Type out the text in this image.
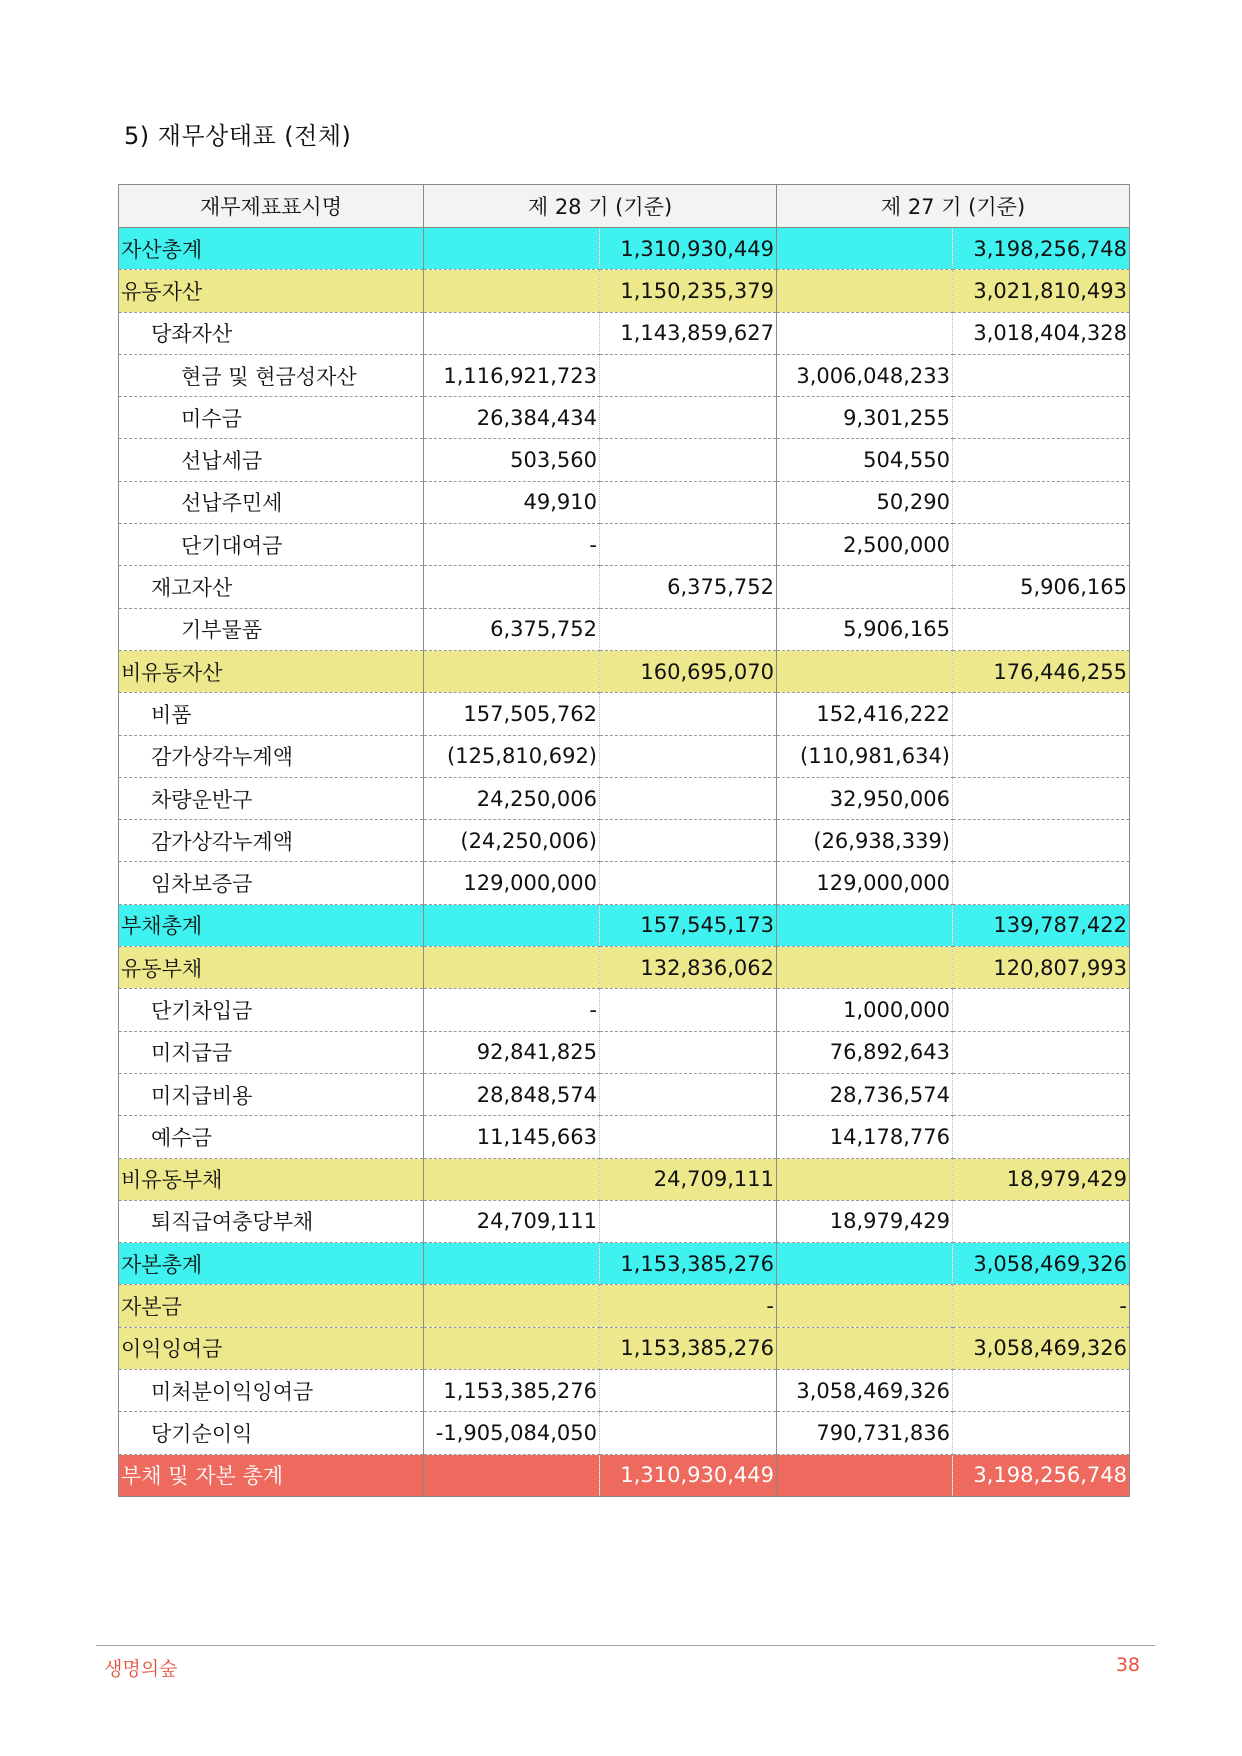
5) 재무상태표 (전체)
재무제표표시명	제 28 기 (기준)		제 27 기 (기준)	
자산총계		1,310,930,449		3,198,256,748
유동자산		1,150,235,379		3,021,810,493
당좌자산		1,143,859,627		3,018,404,328
현금 및 현금성자산	1,116,921,723		3,006,048,233	
미수금	26,384,434		9,301,255	
선납세금	503,560		504,550	
선납주민세	49,910		50,290	
단기대여금	-		2,500,000	
재고자산		6,375,752		5,906,165
기부물품	6,375,752		5,906,165	
비유동자산		160,695,070		176,446,255
비품	157,505,762		152,416,222	
감가상각누계액	(125,810,692)		(110,981,634)	
차량운반구	24,250,006		32,950,006	
감가상각누계액	(24,250,006)		(26,938,339)	
임차보증금	129,000,000		129,000,000	
부채총계		157,545,173		139,787,422
유동부채		132,836,062		120,807,993
단기차입금	-		1,000,000	
미지급금	92,841,825		76,892,643	
미지급비용	28,848,574		28,736,574	
예수금	11,145,663		14,178,776	
비유동부채		24,709,111		18,979,429
퇴직급여충당부채	24,709,111		18,979,429	
자본총계		1,153,385,276		3,058,469,326
자본금		-		-
이익잉여금		1,153,385,276		3,058,469,326
미처분이익잉여금	1,153,385,276		3,058,469,326	
당기순이익	-1,905,084,050		790,731,836	
부채 및 자본 총계		1,310,930,449		3,198,256,748
생명의숲	38
